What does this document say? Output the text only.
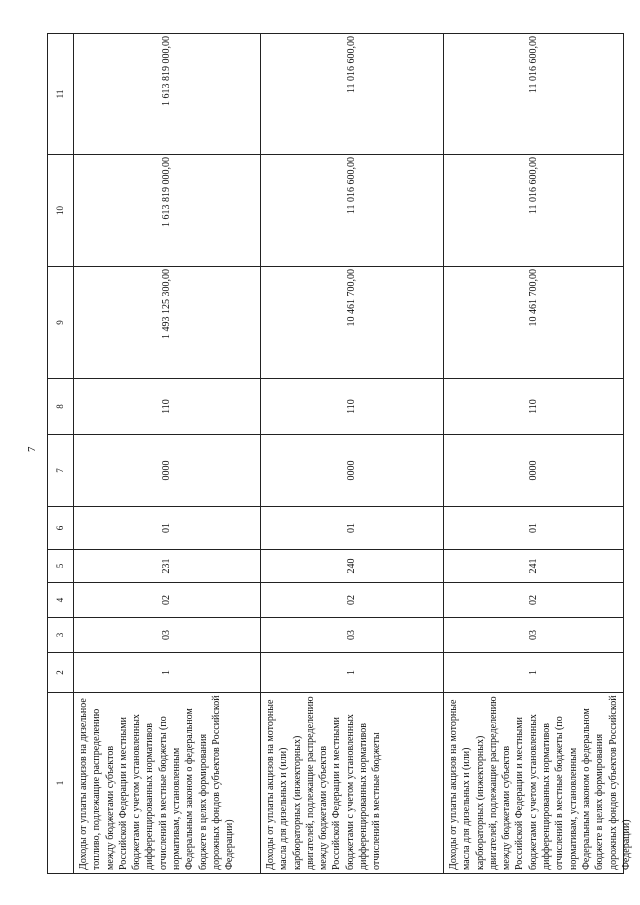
7
1
2
3
4
5
6
7
8
9
10
11
Доходы от уплаты акцизов на дизельное топливо, подлежащие распределению между бюджетами субъектов Российской Федерации и местными бюджетами с учетом установленных дифференцированных нормативов отчислений в местные бюджеты (по нормативам, установленным Федеральным законом о федеральном бюджете в целях формирования дорожных фондов субъектов Российской Федерации)
1
03
02
231
01
0000
110
1 493 125 300,00
1 613 819 000,00
1 613 819 000,00
Доходы от уплаты акцизов на моторные масла для дизельных и (или) карбюраторных (инжекторных) двигателей, подлежащие распределению между бюджетами субъектов Российской Федерации и местными бюджетами с учетом установленных дифференцированных нормативов отчислений в местные бюджеты
1
03
02
240
01
0000
110
10 461 700,00
11 016 600,00
11 016 600,00
Доходы от уплаты акцизов на моторные масла для дизельных и (или) карбюраторных (инжекторных) двигателей, подлежащие распределению между бюджетами субъектов Российской Федерации и местными бюджетами с учетом установленных дифференцированных нормативов отчислений в местные бюджеты (по нормативам, установленным Федеральным законом о федеральном бюджете в целях формирования дорожных фондов субъектов Российской Федерации)
1
03
02
241
01
0000
110
10 461 700,00
11 016 600,00
11 016 600,00
